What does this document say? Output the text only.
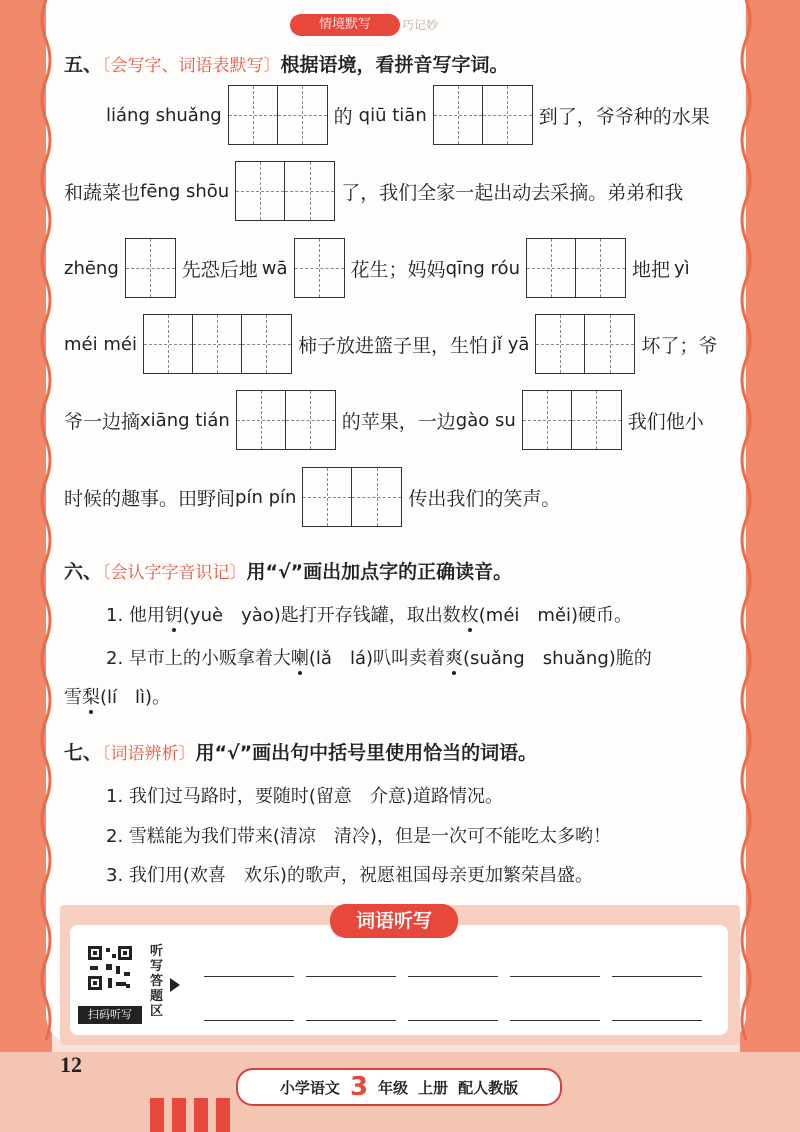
情境默写	巧记妙
五、〔会写字、词语表默写〕根据语境，看拼音写字词。
liáng shuǎng	的 qiū tiān	到了，爷爷种的水果
和蔬菜也 fēng shōu	了，我们全家一起出动去采摘。弟弟和我
zhēng	先恐后地 wā	花生；妈妈 qīng róu	地把 yì
méi méi	柿子放进篮子里，生怕 jǐ yā	坏了；爷
爷一边摘 xiāng tián	的苹果，一边 gào su	我们他小
时候的趣事。田野间 pín pín	传出我们的笑声。
六、〔会认字字音识记〕用“√”画出加点字的正确读音。
1. 他用钥(yuè　yào)匙打开存钱罐，取出数枚(méi　měi)硬币。
2. 早市上的小贩拿着大喇(lǎ　lá)叭叫卖着爽(suǎng　shuǎng)脆的
雪梨(lí　lì)。
七、〔词语辨析〕用“√”画出句中括号里使用恰当的词语。
1. 我们过马路时，要随时(留意　介意)道路情况。
2. 雪糕能为我们带来(清凉　清冷)，但是一次可不能吃太多哟！
3. 我们用(欢喜　欢乐)的歌声，祝愿祖国母亲更加繁荣昌盛。
词语听写
扫码听写
听写答题区
12
小学语文 3 年级 上册 配人教版
